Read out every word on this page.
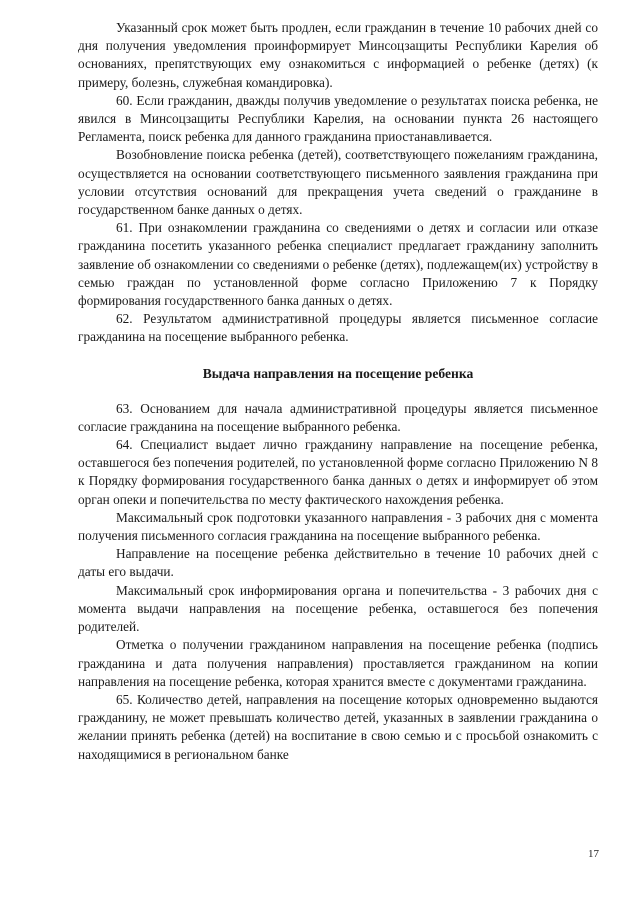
Указанный срок может быть продлен, если гражданин в течение 10 рабочих дней со дня получения уведомления проинформирует Минсоцзащиты Республики Карелия об основаниях, препятствующих ему ознакомиться с информацией о ребенке (детях) (к примеру, болезнь, служебная командировка).

60. Если гражданин, дважды получив уведомление о результатах поиска ребенка, не явился в Минсоцзащиты Республики Карелия, на основании пункта 26 настоящего Регламента, поиск ребенка для данного гражданина приостанавливается.

Возобновление поиска ребенка (детей), соответствующего пожеланиям гражданина, осуществляется на основании соответствующего письменного заявления гражданина при условии отсутствия оснований для прекращения учета сведений о гражданине в государственном банке данных о детях.

61. При ознакомлении гражданина со сведениями о детях и согласии или отказе гражданина посетить указанного ребенка специалист предлагает гражданину заполнить заявление об ознакомлении со сведениями о ребенке (детях), подлежащем(их) устройству в семью граждан по установленной форме согласно Приложению 7 к Порядку формирования государственного банка данных о детях.

62. Результатом административной процедуры является письменное согласие гражданина на посещение выбранного ребенка.

Выдача направления на посещение ребенка

63. Основанием для начала административной процедуры является письменное согласие гражданина на посещение выбранного ребенка.

64. Специалист выдает лично гражданину направление на посещение ребенка, оставшегося без попечения родителей, по установленной форме согласно Приложению N 8 к Порядку формирования государственного банка данных о детях и информирует об этом орган опеки и попечительства по месту фактического нахождения ребенка.

Максимальный срок подготовки указанного направления - 3 рабочих дня с момента получения письменного согласия гражданина на посещение выбранного ребенка.

Направление на посещение ребенка действительно в течение 10 рабочих дней с даты его выдачи.

Максимальный срок информирования органа и попечительства - 3 рабочих дня с момента выдачи направления на посещение ребенка, оставшегося без попечения родителей.

Отметка о получении гражданином направления на посещение ребенка (подпись гражданина и дата получения направления) проставляется гражданином на копии направления на посещение ребенка, которая хранится вместе с документами гражданина.

65. Количество детей, направления на посещение которых одновременно выдаются гражданину, не может превышать количество детей, указанных в заявлении гражданина о желании принять ребенка (детей) на воспитание в свою семью и с просьбой ознакомить с находящимися в региональном банке

17
